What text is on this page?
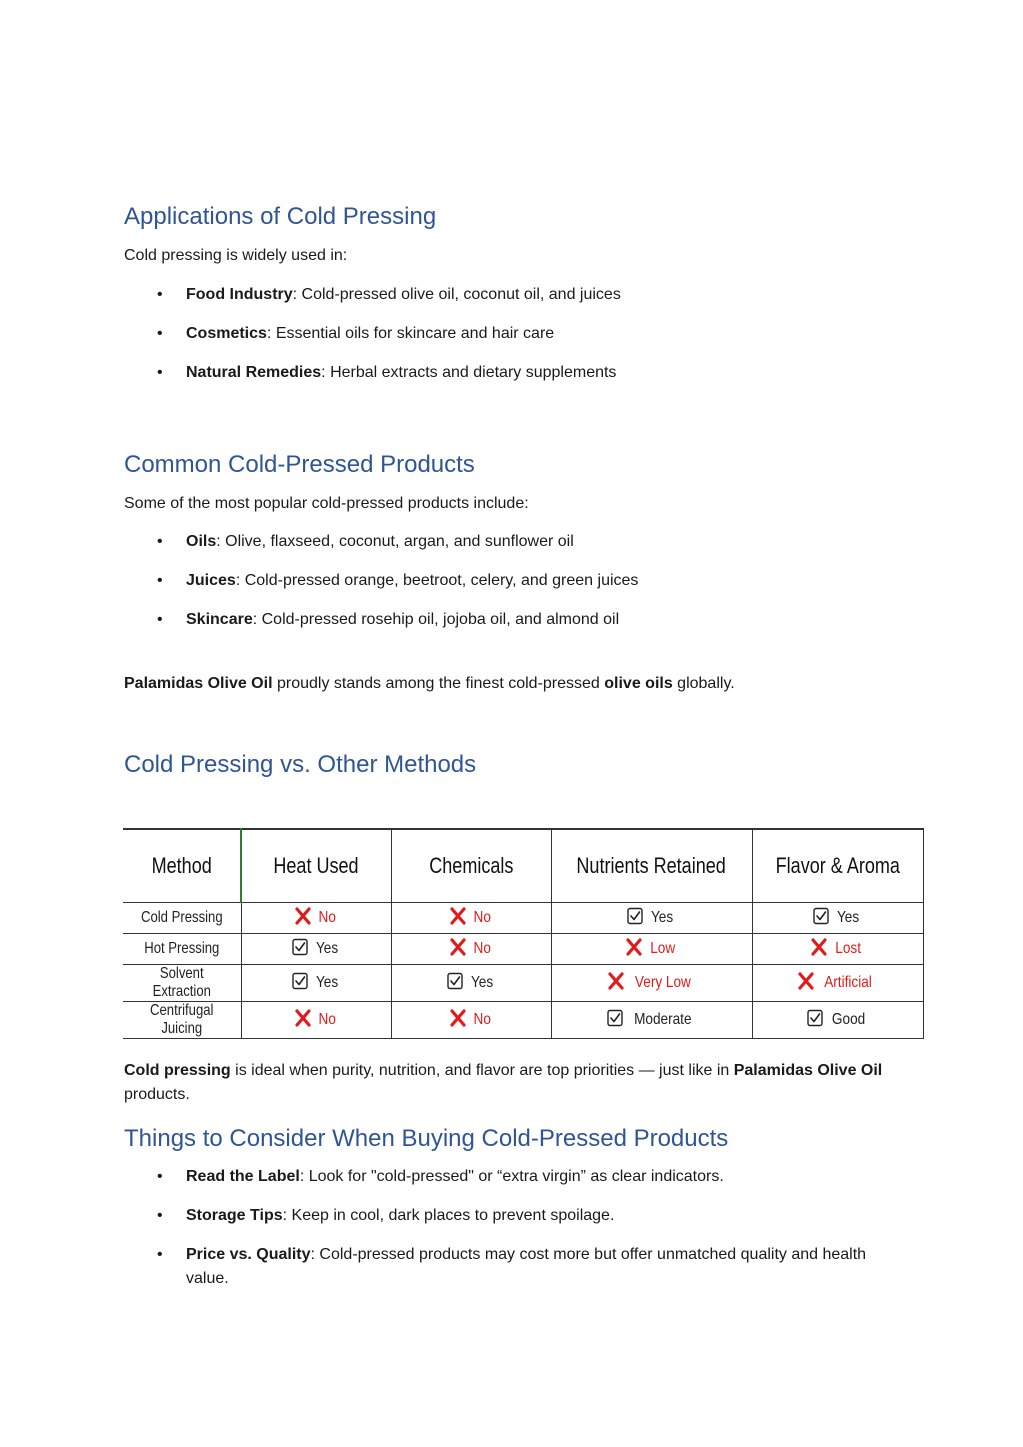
Applications of Cold Pressing

Cold pressing is widely used in:

• Food Industry: Cold-pressed olive oil, coconut oil, and juices
• Cosmetics: Essential oils for skincare and hair care
• Natural Remedies: Herbal extracts and dietary supplements
Common Cold-Pressed Products

Some of the most popular cold-pressed products include:

• Oils: Olive, flaxseed, coconut, argan, and sunflower oil
• Juices: Cold-pressed orange, beetroot, celery, and green juices
• Skincare: Cold-pressed rosehip oil, jojoba oil, and almond oil

Palamidas Olive Oil proudly stands among the finest cold-pressed olive oils globally.

Cold Pressing vs. Other Methods
Method	Heat Used	Chemicals	Nutrients Retained	Flavor & Aroma
Cold Pressing	No	No	Yes	Yes

Hot Pressing	Yes	No	Low	Lost

Solvent Extraction	Yes	Yes	Very Low	Artificial

Centrifugal Juicing	No	No	Moderate	Good

Cold pressing is ideal when purity, nutrition, and flavor are top priorities — just like in Palamidas Olive Oil products.

Things to Consider When Buying Cold-Pressed Products
• Read the Label: Look for "cold-pressed" or “extra virgin” as clear indicators.
• Storage Tips: Keep in cool, dark places to prevent spoilage.
• Price vs. Quality: Cold-pressed products may cost more but offer unmatched quality and health value.
